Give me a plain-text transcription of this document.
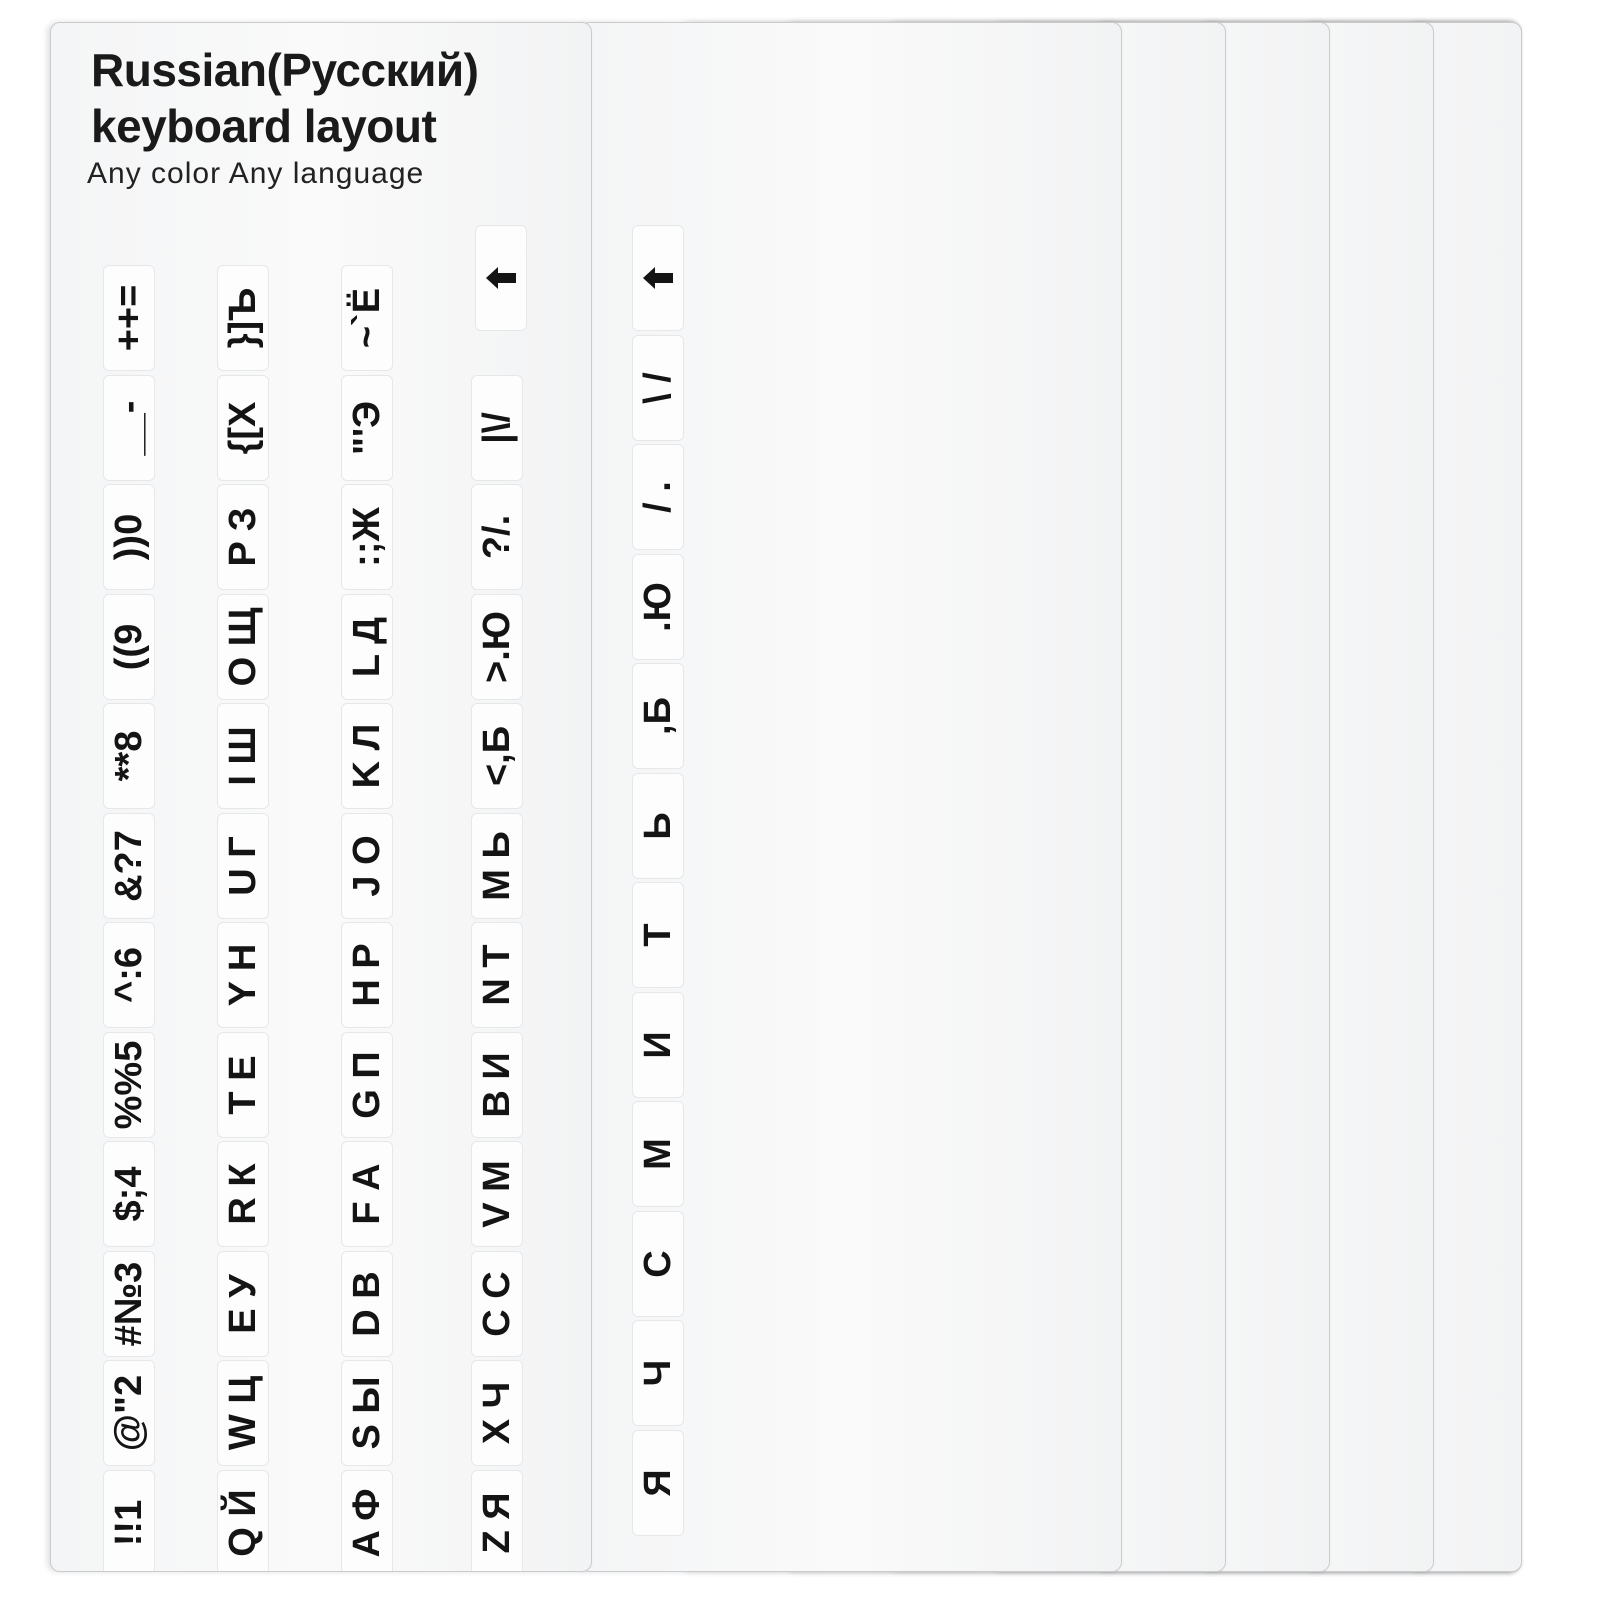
\ /
/ .
.Ю
,Б
Ь
Т
И
М
С
Ч
Я
Russian(Русский)
keyboard layout
Any color Any language
!!1
@"2
#№3
$;4
%%5
^:6
&?7
**8
((9
))0
__-
++=
Q Й
W Ц
E У
R К
T Е
Y Н
U Г
I Ш
O Щ
P З
{[Х
}]Ъ
A Ф
S Ы
D В
F А
G П
H Р
J О
K Л
L Д
:;Ж
"'Э
~`Ё
Z Я
X Ч
C С
V М
B И
N Т
M Ь
<,Б
>.Ю
?/.
|\/
